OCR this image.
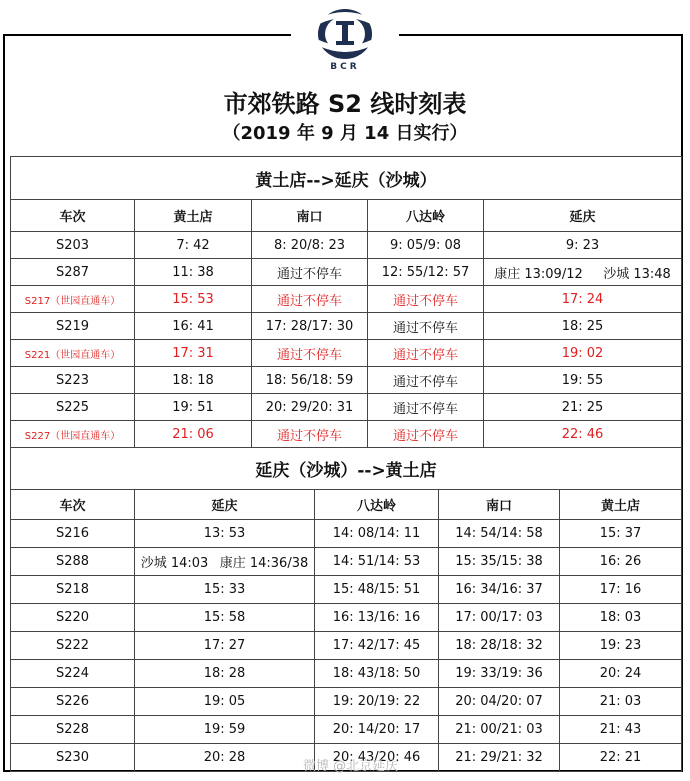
BCR
市郊铁路 S2 线时刻表
（2019 年 9 月 14 日实行）
黄土店-->延庆（沙城）				
车次	黄土店	南口	八达岭	延庆
S203	7: 42	8: 20/8: 23	9: 05/9: 08	9: 23
S287	11: 38	通过不停车	12: 55/12: 57	康庄 13:09/12 沙城 13:48

S217（世园直通车）	15: 53	通过不停车	通过不停车	17: 24
S219	16: 41	17: 28/17: 30	通过不停车	18: 25
S221（世园直通车）	17: 31	通过不停车	通过不停车	19: 02
S223	18: 18	18: 56/18: 59	通过不停车	19: 55
S225	19: 51	20: 29/20: 31	通过不停车	21: 25
S227（世园直通车）	21: 06	通过不停车	通过不停车	22: 46
延庆（沙城）-->黄土店				
车次	延庆	八达岭	南口	黄土店
S216	13: 53	14: 08/14: 11	14: 54/14: 58	15: 37
S288	沙城 14:03 康庄 14:36/38	14: 51/14: 53	15: 35/15: 38	16: 26
S218	15: 33	15: 48/15: 51	16: 34/16: 37	17: 16
S220	15: 58	16: 13/16: 16	17: 00/17: 03	18: 03
S222	17: 27	17: 42/17: 45	18: 28/18: 32	19: 23
S224	18: 28	18: 43/18: 50	19: 33/19: 36	20: 24
S226	19: 05	19: 20/19: 22	20: 04/20: 07	21: 03
S228	19: 59	20: 14/20: 17	21: 00/21: 03	21: 43
S230	20: 28	20: 43/20: 46	21: 29/21: 32	22: 21
微博 @北京延庆
